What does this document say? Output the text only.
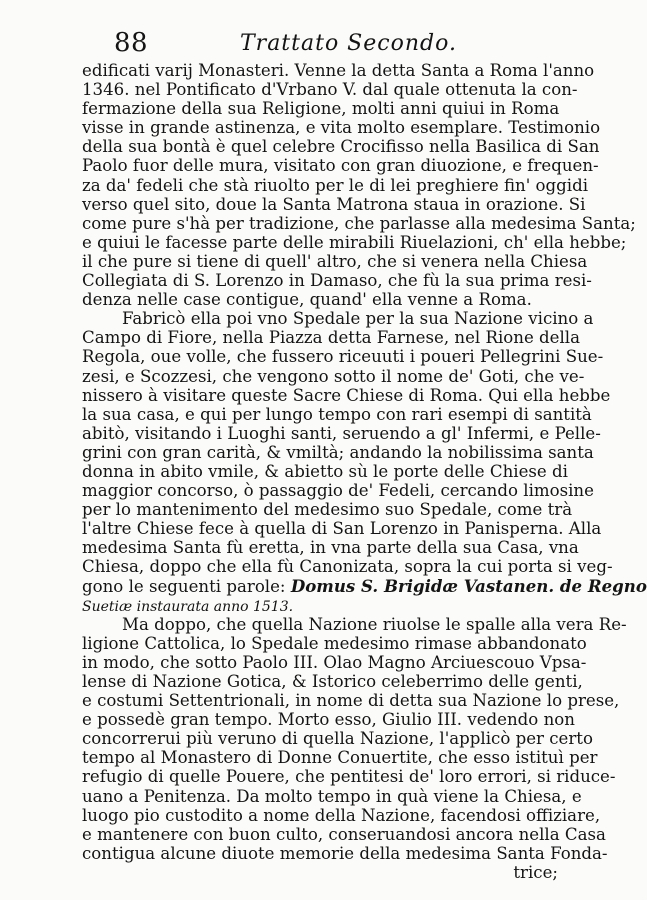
88	Trattato Secondo.
edificati varij Monasteri. Venne la detta Santa a Roma l'anno
1346. nel Pontificato d'Vrbano V. dal quale ottenuta la con-
fermazione della sua Religione, molti anni quiui in Roma
visse in grande astinenza, e vita molto esemplare. Testimonio
della sua bontà è quel celebre Crocifisso nella Basilica di San
Paolo fuor delle mura, visitato con gran diuozione, e frequen-
za da' fedeli che stà riuolto per le di lei preghiere fin' oggidi
verso quel sito, doue la Santa Matrona staua in orazione. Si
come pure s'hà per tradizione, che parlasse alla medesima Santa;
e quiui le facesse parte delle mirabili Riuelazioni, ch' ella hebbe;
il che pure si tiene di quell' altro, che si venera nella Chiesa
Collegiata di S. Lorenzo in Damaso, che fù la sua prima resi-
denza nelle case contigue, quand' ella venne a Roma.
Fabricò ella poi vno Spedale per la sua Nazione vicino a
Campo di Fiore, nella Piazza detta Farnese, nel Rione della
Regola, oue volle, che fussero riceuuti i poueri Pellegrini Sue-
zesi, e Scozzesi, che vengono sotto il nome de' Goti, che ve-
nissero à visitare queste Sacre Chiese di Roma. Qui ella hebbe
la sua casa, e qui per lungo tempo con rari esempi di santità
abitò, visitando i Luoghi santi, seruendo a gl' Infermi, e Pelle-
grini con gran carità, & vmiltà; andando la nobilissima santa
donna in abito vmile, & abietto sù le porte delle Chiese di
maggior concorso, ò passaggio de' Fedeli, cercando limosine
per lo mantenimento del medesimo suo Spedale, come trà
l'altre Chiese fece à quella di San Lorenzo in Panisperna. Alla
medesima Santa fù eretta, in vna parte della sua Casa, vna
Chiesa, doppo che ella fù Canonizata, sopra la cui porta si veg-
gono le seguenti parole: Domus S. Brigidæ Vastanen. de Regno
Suetiæ instaurata anno 1513.
Ma doppo, che quella Nazione riuolse le spalle alla vera Re-
ligione Cattolica, lo Spedale medesimo rimase abbandonato
in modo, che sotto Paolo III. Olao Magno Arciuescouo Vpsa-
lense di Nazione Gotica, & Istorico celeberrimo delle genti,
e costumi Settentrionali, in nome di detta sua Nazione lo prese,
e possedè gran tempo. Morto esso, Giulio III. vedendo non
concorrerui più veruno di quella Nazione, l'applicò per certo
tempo al Monastero di Donne Conuertite, che esso istituì per
refugio di quelle Pouere, che pentitesi de' loro errori, si riduce-
uano a Penitenza. Da molto tempo in quà viene la Chiesa, e
luogo pio custodito a nome della Nazione, facendosi offiziare,
e mantenere con buon culto, conseruandosi ancora nella Casa
contigua alcune diuote memorie della medesima Santa Fonda-
trice;
